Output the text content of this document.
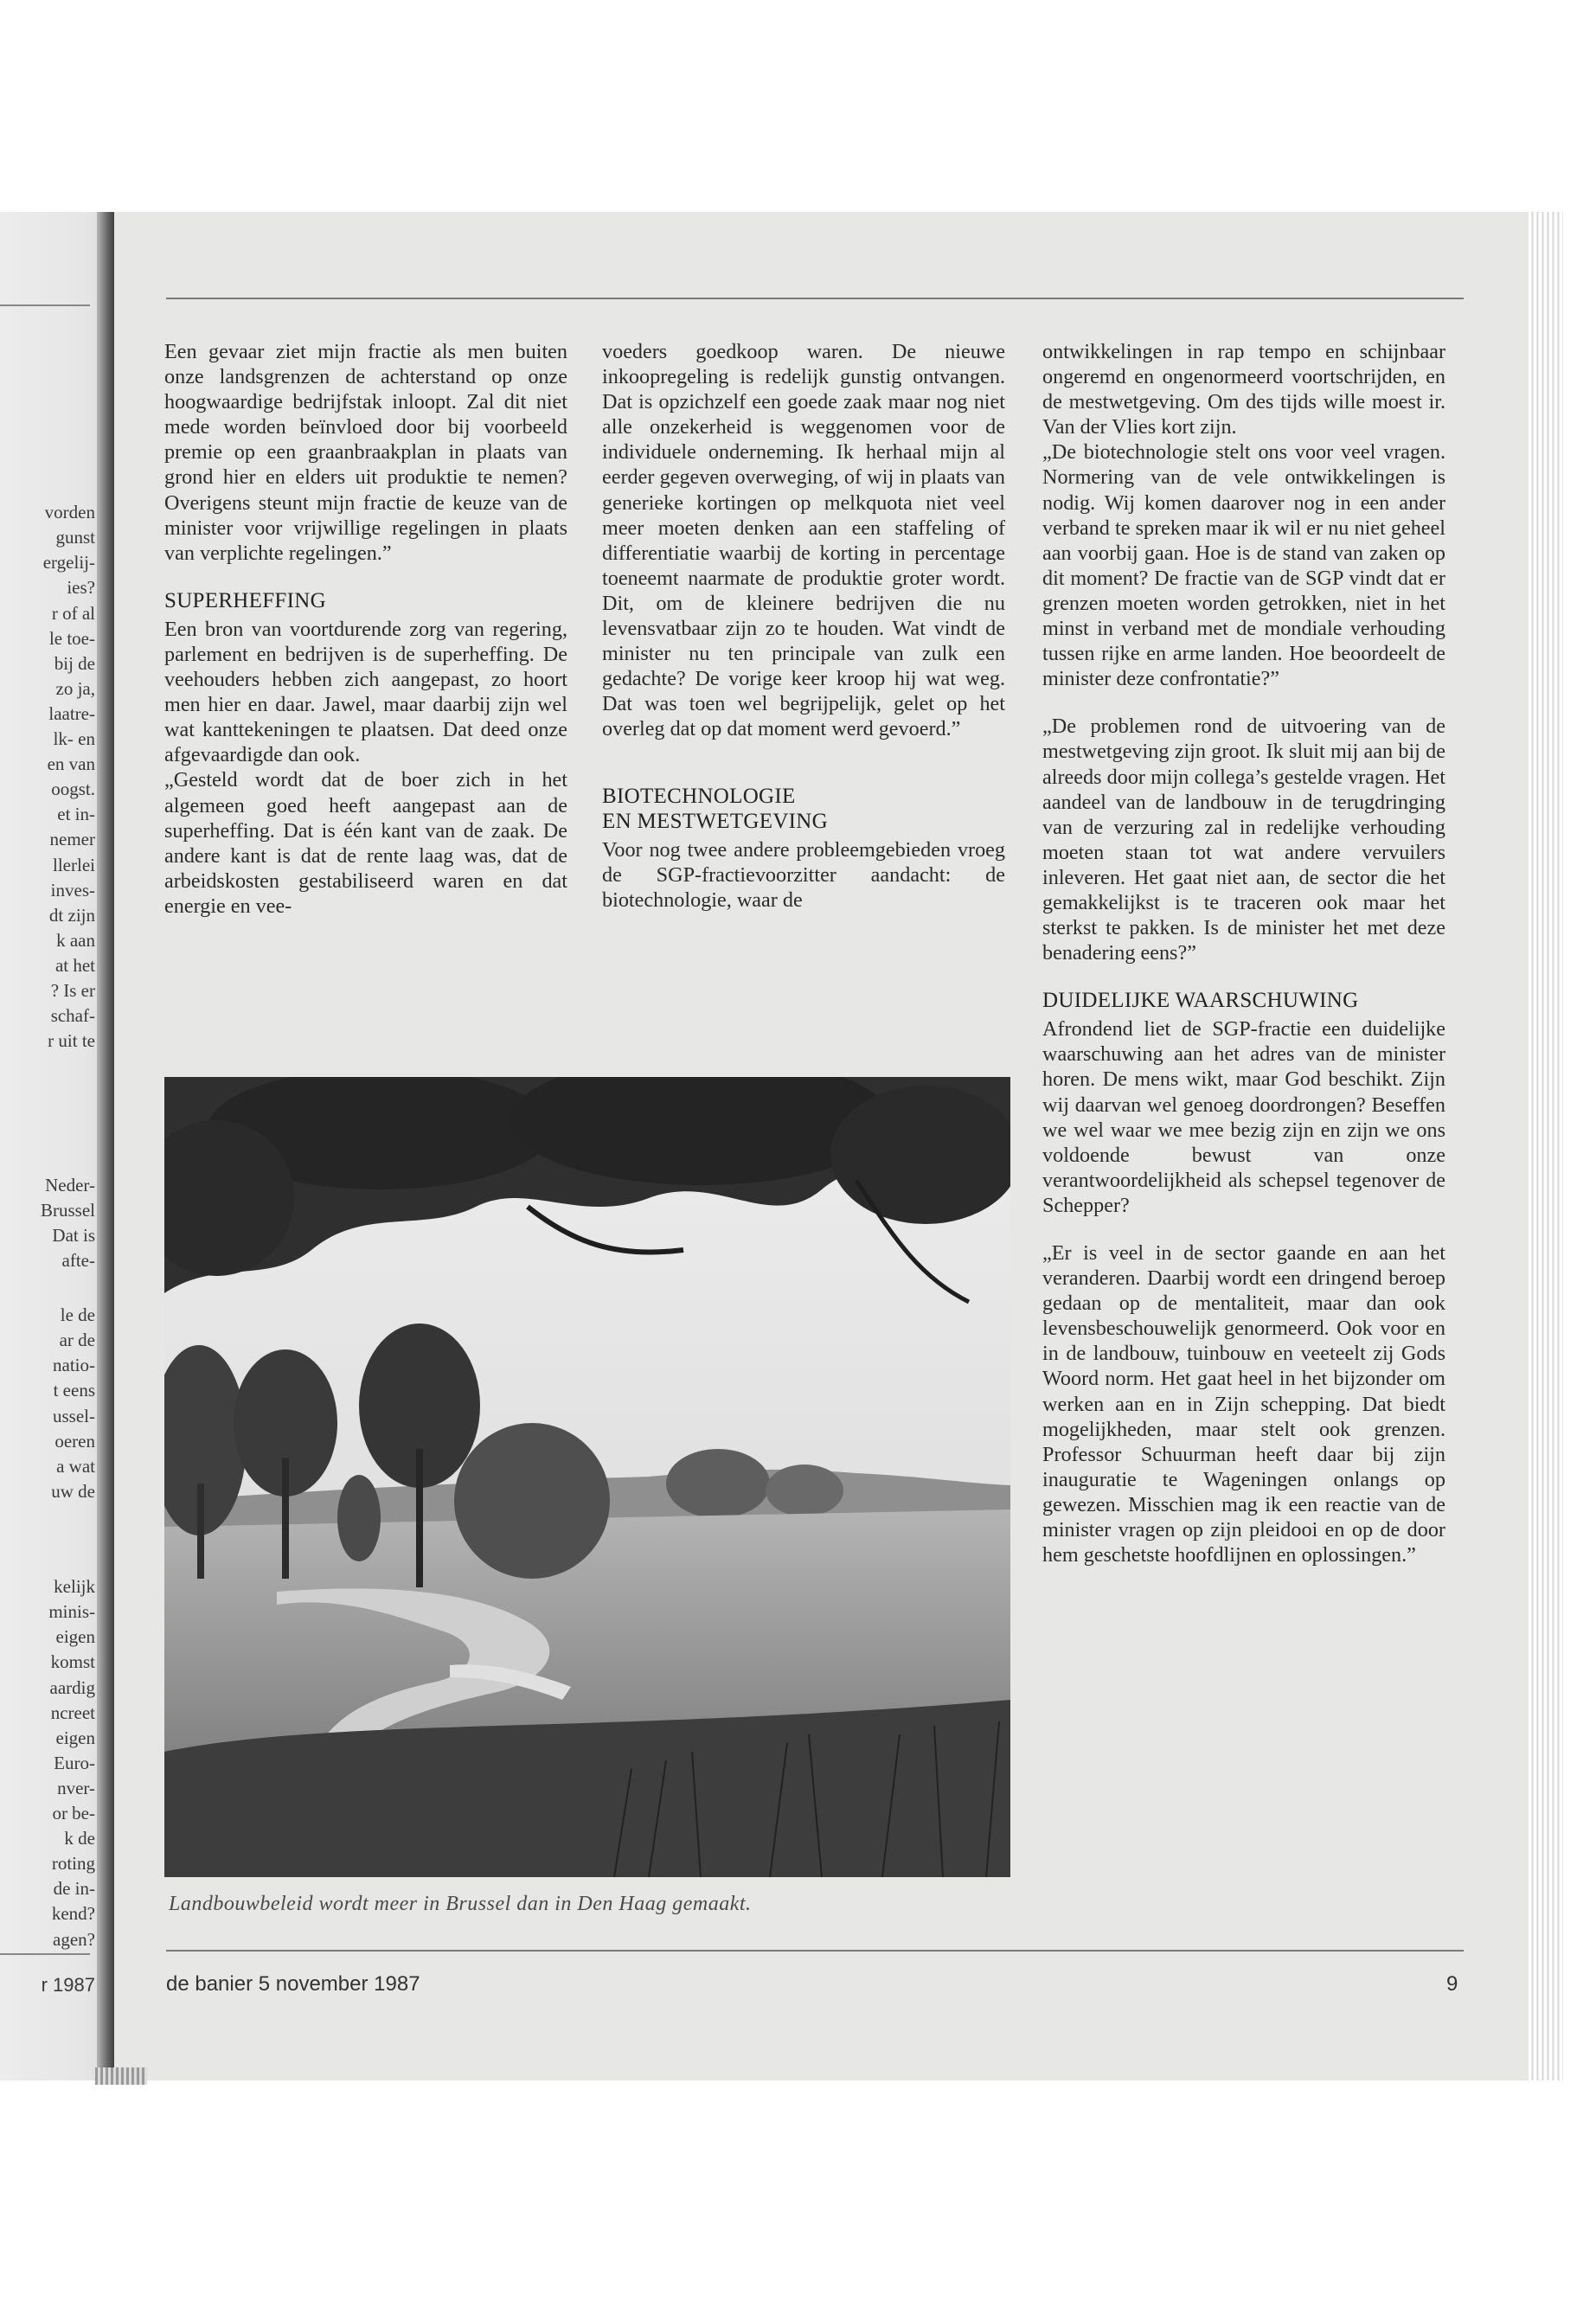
vorden
gunst
ergelij-
ies?
r of al
le toe-
bij de
zo ja,
laatre-
lk- en
en van
oogst.
et in-
nemer
llerlei
inves-
dt zijn
k aan
at het
? Is er
schaf-
r uit te

Neder-
Brussel
Dat is
afte-

le de
ar de
natio-
t eens
ussel-
oeren
a wat
uw de

kelijk
minis-
eigen
komst
aardig
ncreet
eigen
Euro-
nver-
or be-
k de
roting
de in-
kend?
agen?

r 1987

Een gevaar ziet mijn fractie als men buiten onze landsgrenzen de achterstand op onze hoogwaardige bedrijfstak inloopt. Zal dit niet mede worden beïnvloed door bij voorbeeld premie op een graanbraakplan in plaats van grond hier en elders uit produktie te nemen? Overigens steunt mijn fractie de keuze van de minister voor vrijwillige regelingen in plaats van verplichte regelingen.”

SUPERHEFFING

Een bron van voortdurende zorg van regering, parlement en bedrijven is de superheffing. De veehouders hebben zich aangepast, zo hoort men hier en daar. Jawel, maar daarbij zijn wel wat kanttekeningen te plaatsen. Dat deed onze afgevaardigde dan ook.

„Gesteld wordt dat de boer zich in het algemeen goed heeft aangepast aan de superheffing. Dat is één kant van de zaak. De andere kant is dat de rente laag was, dat de arbeidskosten gestabiliseerd waren en dat energie en vee-

voeders goedkoop waren. De nieuwe inkoopregeling is redelijk gunstig ontvangen. Dat is opzichzelf een goede zaak maar nog niet alle onzekerheid is weggenomen voor de individuele onderneming. Ik herhaal mijn al eerder gegeven overweging, of wij in plaats van generieke kortingen op melkquota niet veel meer moeten denken aan een staffeling of differentiatie waarbij de korting in percentage toeneemt naarmate de produktie groter wordt. Dit, om de kleinere bedrijven die nu levensvatbaar zijn zo te houden. Wat vindt de minister nu ten principale van zulk een gedachte? De vorige keer kroop hij wat weg. Dat was toen wel begrijpelijk, gelet op het overleg dat op dat moment werd gevoerd.”

BIOTECHNOLOGIE
EN MESTWETGEVING

Voor nog twee andere probleemgebieden vroeg de SGP-fractievoorzitter aandacht: de biotechnologie, waar de

ontwikkelingen in rap tempo en schijnbaar ongeremd en ongenormeerd voortschrijden, en de mestwetgeving. Om des tijds wille moest ir. Van der Vlies kort zijn.

„De biotechnologie stelt ons voor veel vragen. Normering van de vele ontwikkelingen is nodig. Wij komen daarover nog in een ander verband te spreken maar ik wil er nu niet geheel aan voorbij gaan. Hoe is de stand van zaken op dit moment? De fractie van de SGP vindt dat er grenzen moeten worden getrokken, niet in het minst in verband met de mondiale verhouding tussen rijke en arme landen. Hoe beoordeelt de minister deze confrontatie?”

„De problemen rond de uitvoering van de mestwetgeving zijn groot. Ik sluit mij aan bij de alreeds door mijn collega’s gestelde vragen. Het aandeel van de landbouw in de terugdringing van de verzuring zal in redelijke verhouding moeten staan tot wat andere vervuilers inleveren. Het gaat niet aan, de sector die het gemakkelijkst is te traceren ook maar het sterkst te pakken. Is de minister het met deze benadering eens?”

DUIDELIJKE WAARSCHUWING

Afrondend liet de SGP-fractie een duidelijke waarschuwing aan het adres van de minister horen. De mens wikt, maar God beschikt. Zijn wij daarvan wel genoeg doordrongen? Beseffen we wel waar we mee bezig zijn en zijn we ons voldoende bewust van onze verantwoordelijkheid als schepsel tegenover de Schepper?

„Er is veel in de sector gaande en aan het veranderen. Daarbij wordt een dringend beroep gedaan op de mentaliteit, maar dan ook levensbeschouwelijk genormeerd. Ook voor en in de landbouw, tuinbouw en veeteelt zij Gods Woord norm. Het gaat heel in het bijzonder om werken aan en in Zijn schepping. Dat biedt mogelijkheden, maar stelt ook grenzen. Professor Schuurman heeft daar bij zijn inauguratie te Wageningen onlangs op gewezen. Misschien mag ik een reactie van de minister vragen op zijn pleidooi en op de door hem geschetste hoofdlijnen en oplossingen.”

Landbouwbeleid wordt meer in Brussel dan in Den Haag gemaakt.
de banier 5 november 1987	9
